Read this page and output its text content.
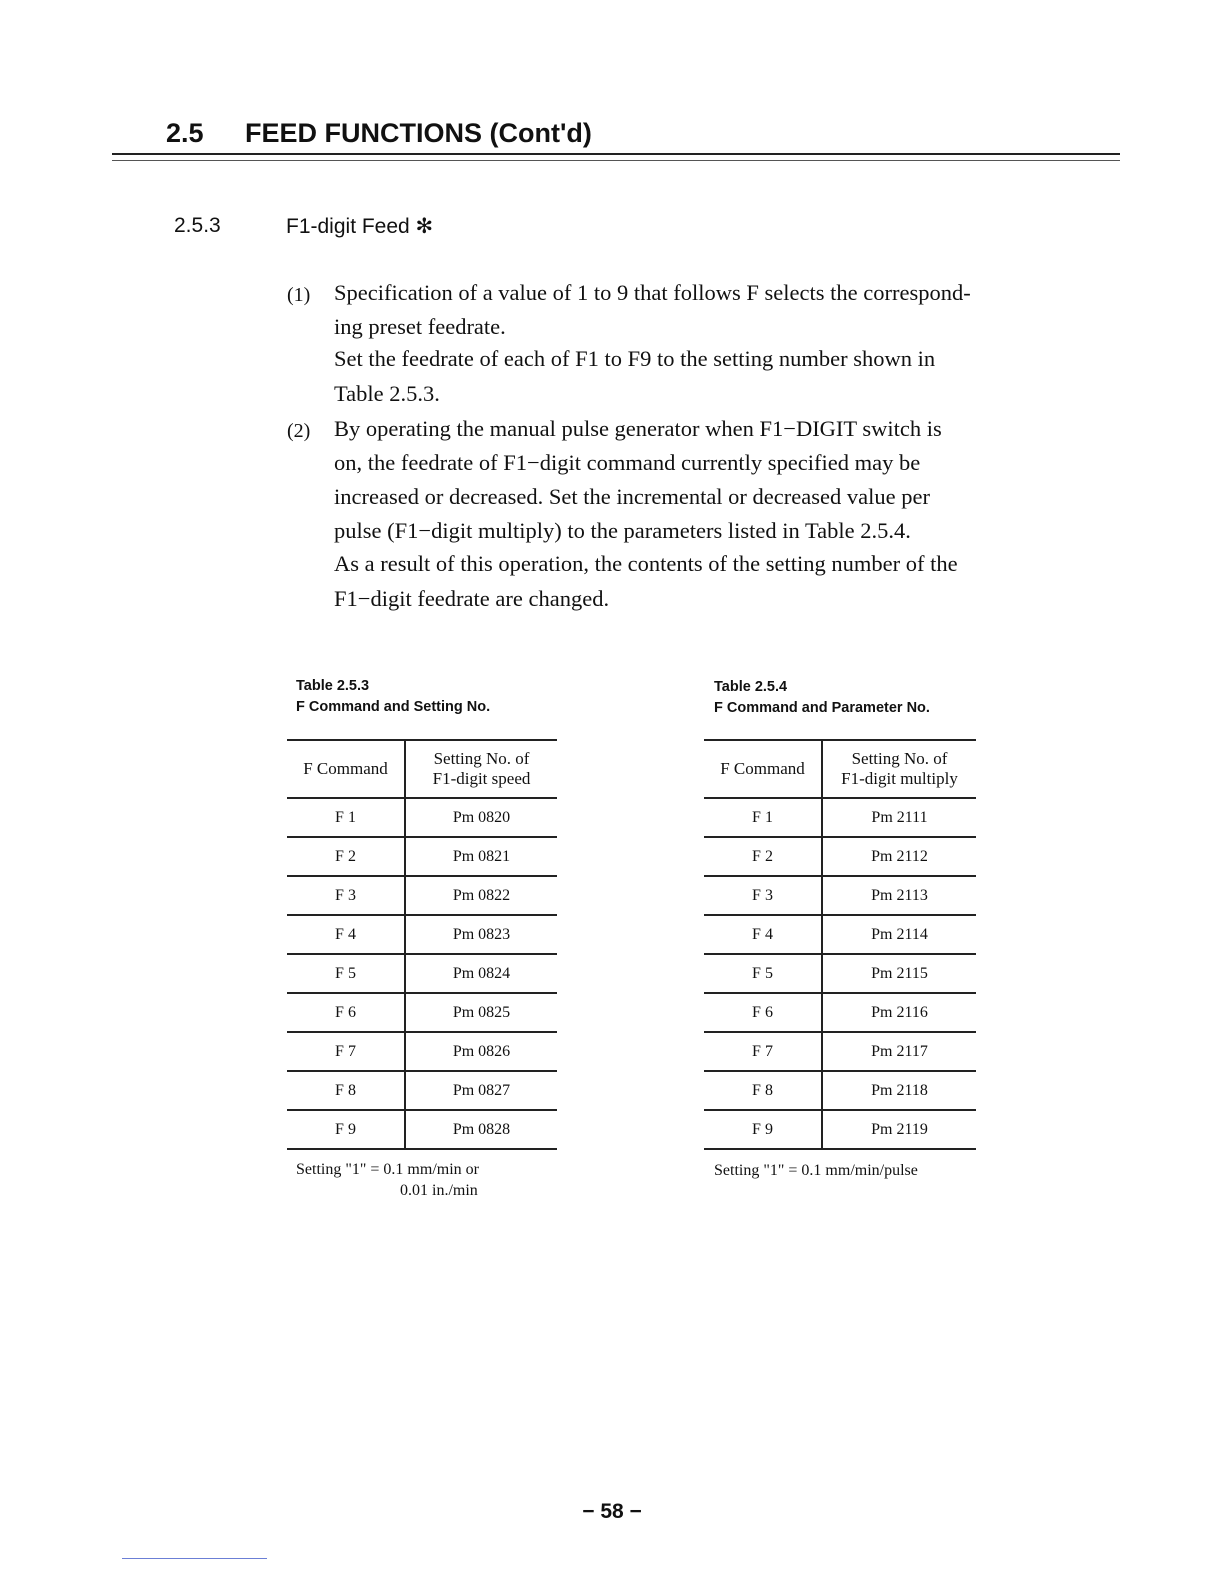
2.5 FEED FUNCTIONS (Cont'd)
2.5.3	F1-digit Feed ✻
(1) Specification of a value of 1 to 9 that follows F selects the correspond-
ing preset feedrate.
Set the feedrate of each of F1 to F9 to the setting number shown in
Table 2.5.3.
(2) By operating the manual pulse generator when F1−DIGIT switch is
on, the feedrate of F1−digit command currently specified may be
increased or decreased. Set the incremental or decreased value per
pulse (F1−digit multiply) to the parameters listed in Table 2.5.4.
As a result of this operation, the contents of the setting number of the
F1−digit feedrate are changed.
Table 2.5.3
F Command and Setting No.
F Command	Setting No. of
F1-digit speed

F 1	Pm 0820
F 2	Pm 0821
F 3	Pm 0822
F 4	Pm 0823
F 5	Pm 0824
F 6	Pm 0825
F 7	Pm 0826
F 8	Pm 0827
F 9	Pm 0828
Setting "1" = 0.1 mm/min or
0.01 in./min
Table 2.5.4
F Command and Parameter No.
F Command	Setting No. of
F1-digit multiply

F 1	Pm 2111
F 2	Pm 2112
F 3	Pm 2113
F 4	Pm 2114
F 5	Pm 2115
F 6	Pm 2116
F 7	Pm 2117
F 8	Pm 2118
F 9	Pm 2119
Setting "1" = 0.1 mm/min/pulse
− 58 −
